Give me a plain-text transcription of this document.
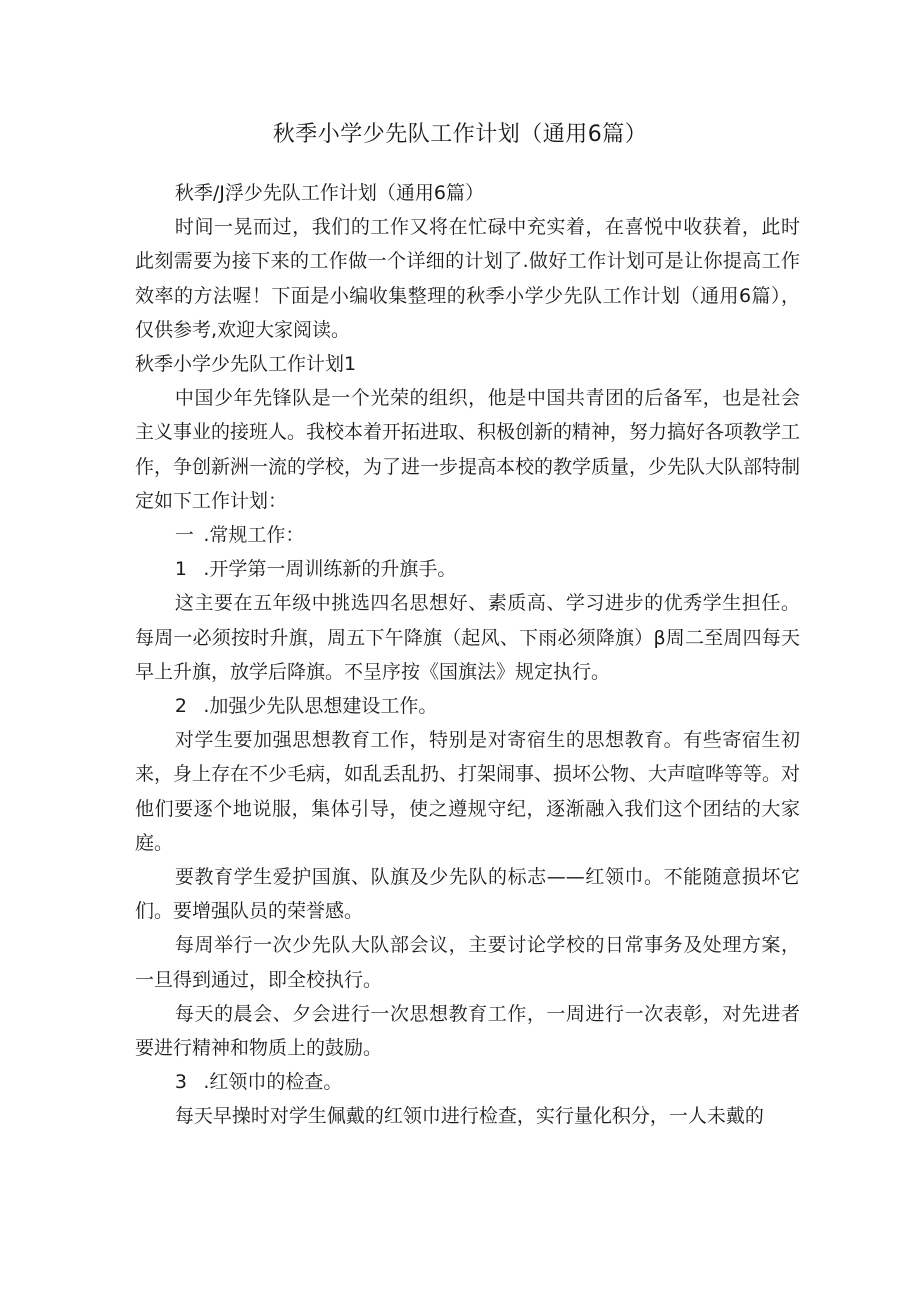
秋季小学少先队工作计划（通用6篇）

秋季/J浮少先队工作计划（通用6篇）

时间一晃而过，我们的工作又将在忙碌中充实着，在喜悦中收获着，此时此刻需要为接下来的工作做一个详细的计划了.做好工作计划可是让你提高工作效率的方法喔！下面是小编收集整理的秋季小学少先队工作计划（通用6篇），仅供参考,欢迎大家阅读。

秋季小学少先队工作计划1

中国少年先锋队是一个光荣的组织，他是中国共青团的后备军，也是社会主义事业的接班人。我校本着开拓进取、积极创新的精神，努力搞好各项教学工作，争创新洲一流的学校，为了进一步提高本校的教学质量，少先队大队部特制定如下工作计划：

一 .常规工作：

1 .开学第一周训练新的升旗手。

这主要在五年级中挑选四名思想好、素质高、学习进步的优秀学生担任。每周一必须按时升旗，周五下午降旗（起风、下雨必须降旗）β周二至周四每天早上升旗，放学后降旗。不呈序按《国旗法》规定执行。

2 .加强少先队思想建设工作。

对学生要加强思想教育工作，特别是对寄宿生的思想教育。有些寄宿生初来，身上存在不少毛病，如乱丢乱扔、打架闹事、损坏公物、大声喧哗等等。对他们要逐个地说服，集体引导，使之遵规守纪，逐渐融入我们这个团结的大家庭。

要教育学生爱护国旗、队旗及少先队的标志——红领巾。不能随意损坏它们。要增强队员的荣誉感。

每周举行一次少先队大队部会议，主要讨论学校的日常事务及处理方案，一旦得到通过，即全校执行。

每天的晨会、夕会进行一次思想教育工作，一周进行一次表彰，对先进者要进行精神和物质上的鼓励。

3 .红领巾的检查。

每天早操时对学生佩戴的红领巾进行检查，实行量化积分，一人未戴的
